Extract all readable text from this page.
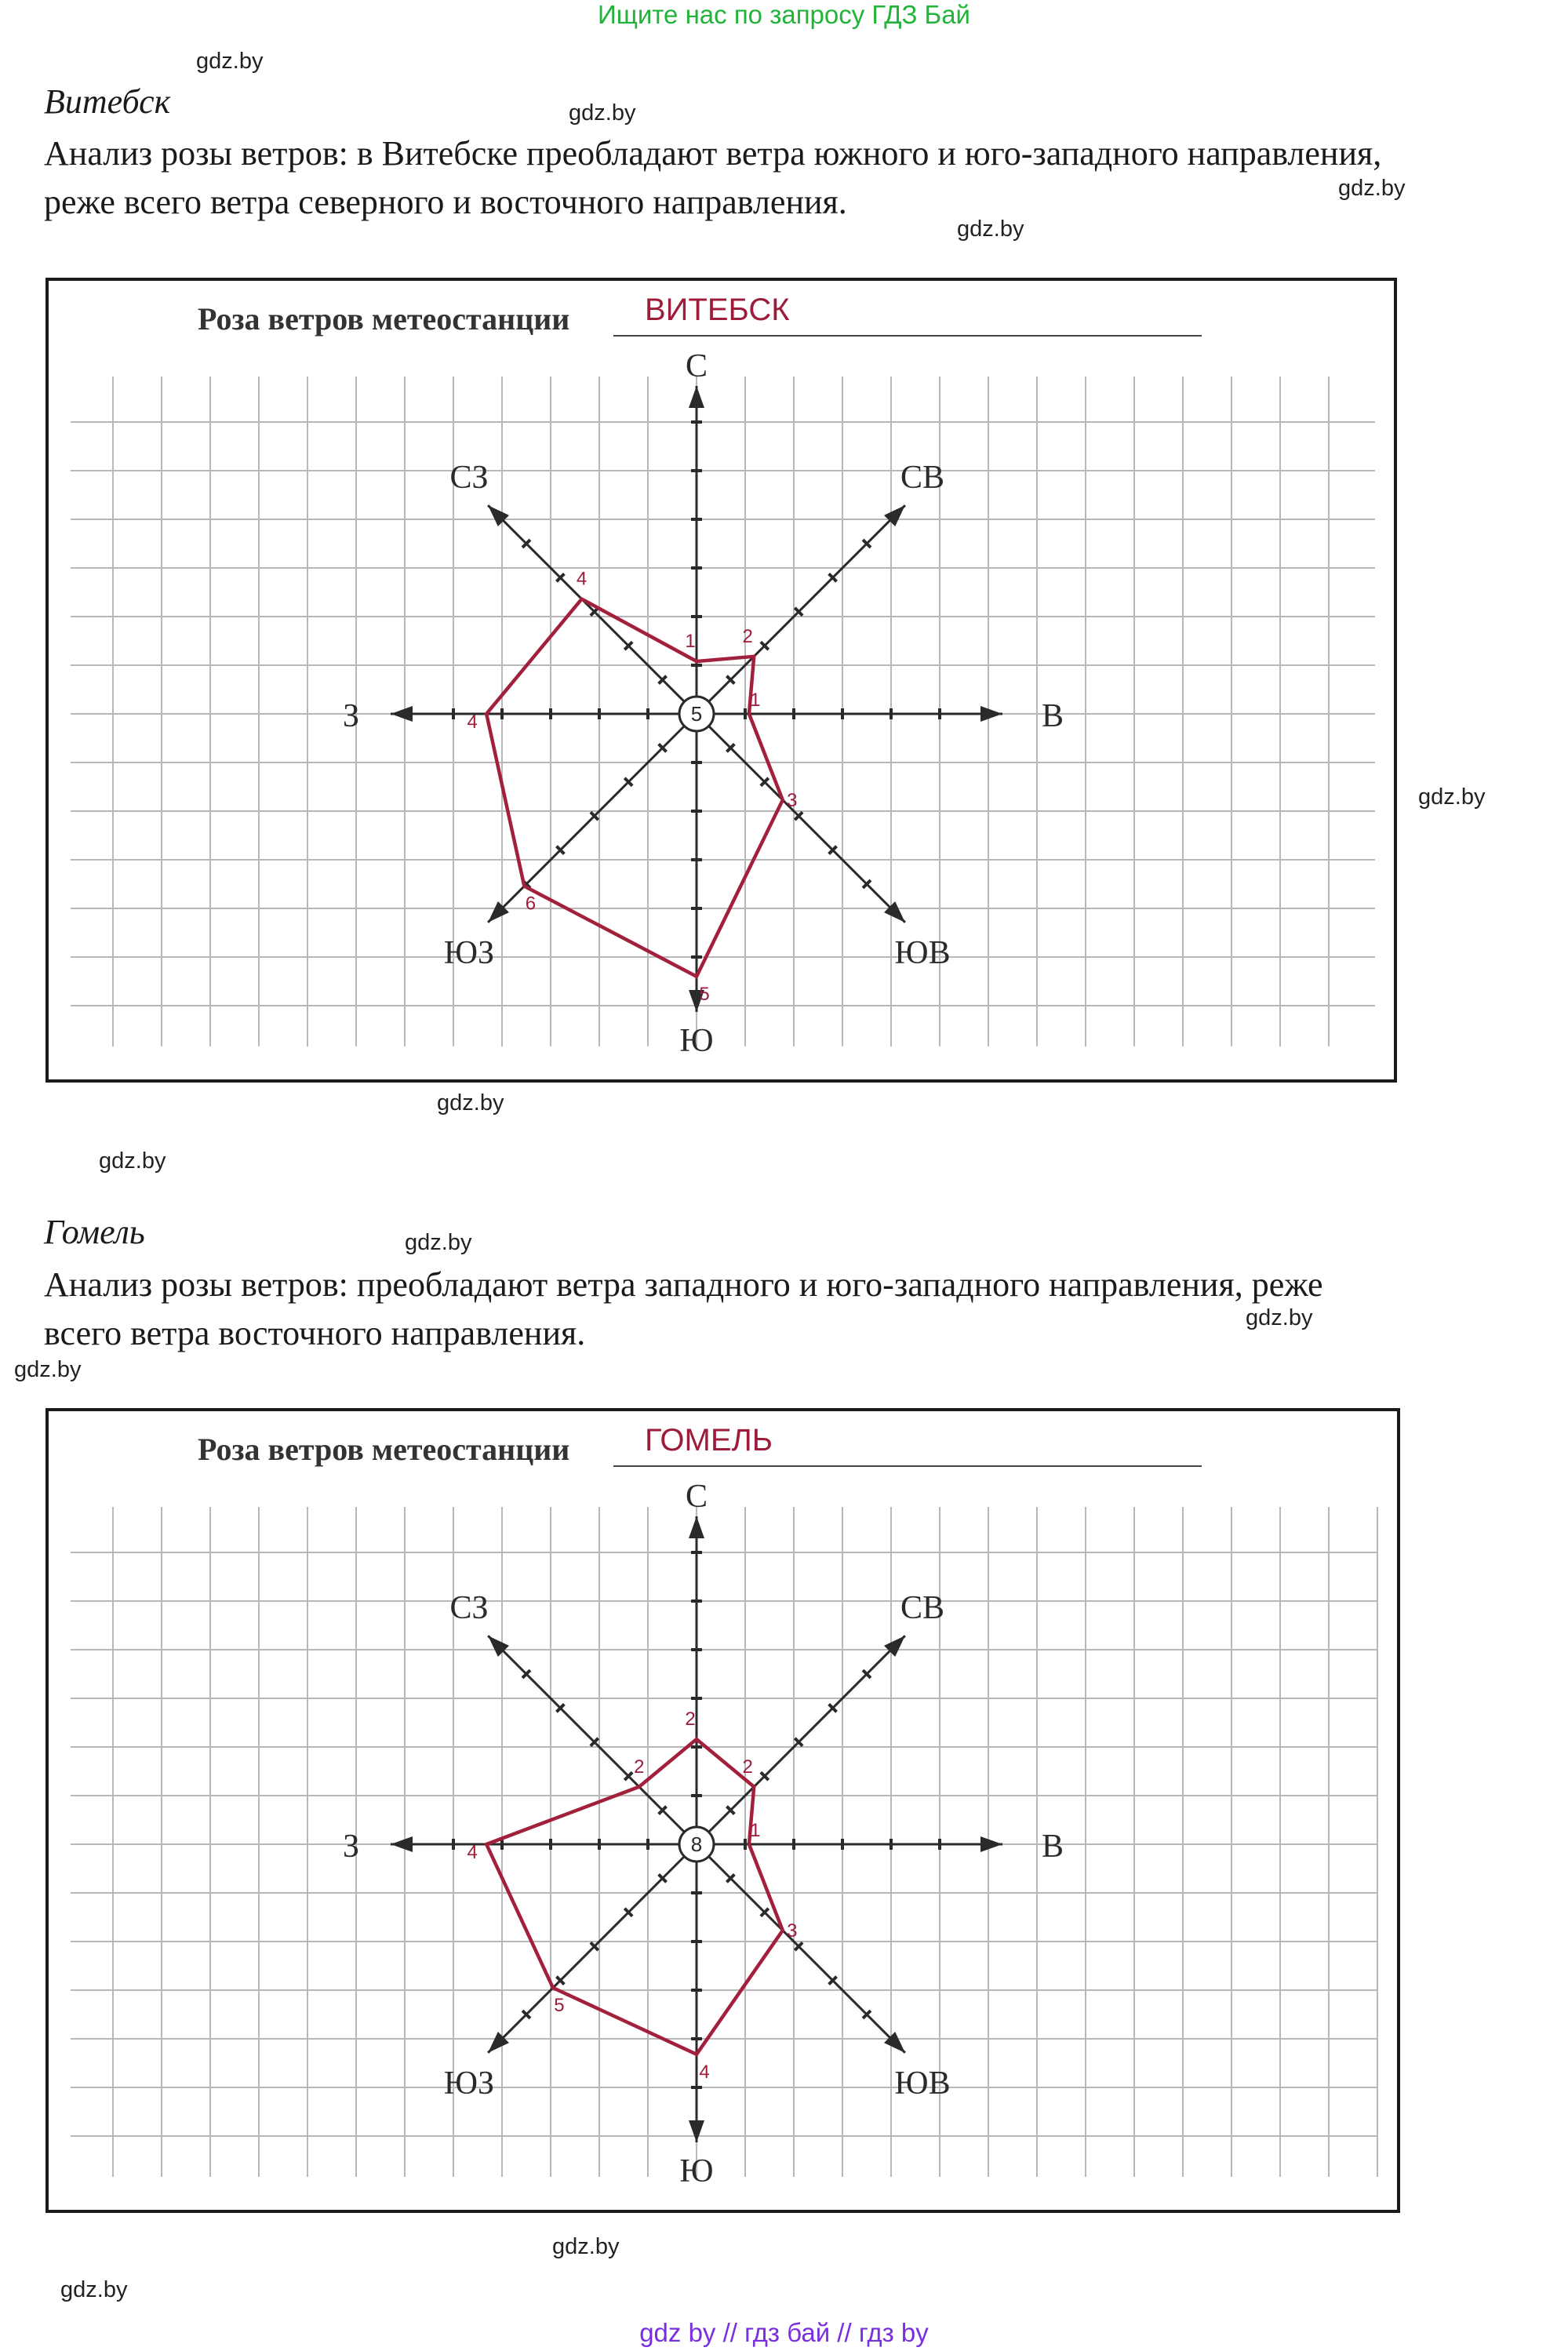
Ищите нас по запросу ГДЗ Бай
gdz.by
gdz.by
gdz.by
gdz.by
gdz.by
gdz.by
gdz.by
gdz.by
gdz.by
gdz.by
gdz.by
gdz.by
Витебск
Анализ розы ветров: в Витебске преобладают ветра южного и юго-западного направления,
реже всего ветра северного и восточного направления.
Роза ветров метеостанции ВИТЕБСК
С
СВ
В
ЮВ
Ю
ЮЗ
З
СЗ
5
1 2
1
3
5
6
4
4
Гомель
Анализ розы ветров: преобладают ветра западного и юго-западного направления, реже
всего ветра восточного направления.
Роза ветров метеостанции ГОМЕЛЬ
С
СВ
В
ЮВ
Ю
ЮЗ
З
СЗ
8
2
2
1
3
4
5
4
2
gdz by // гдз бай // гдз by
